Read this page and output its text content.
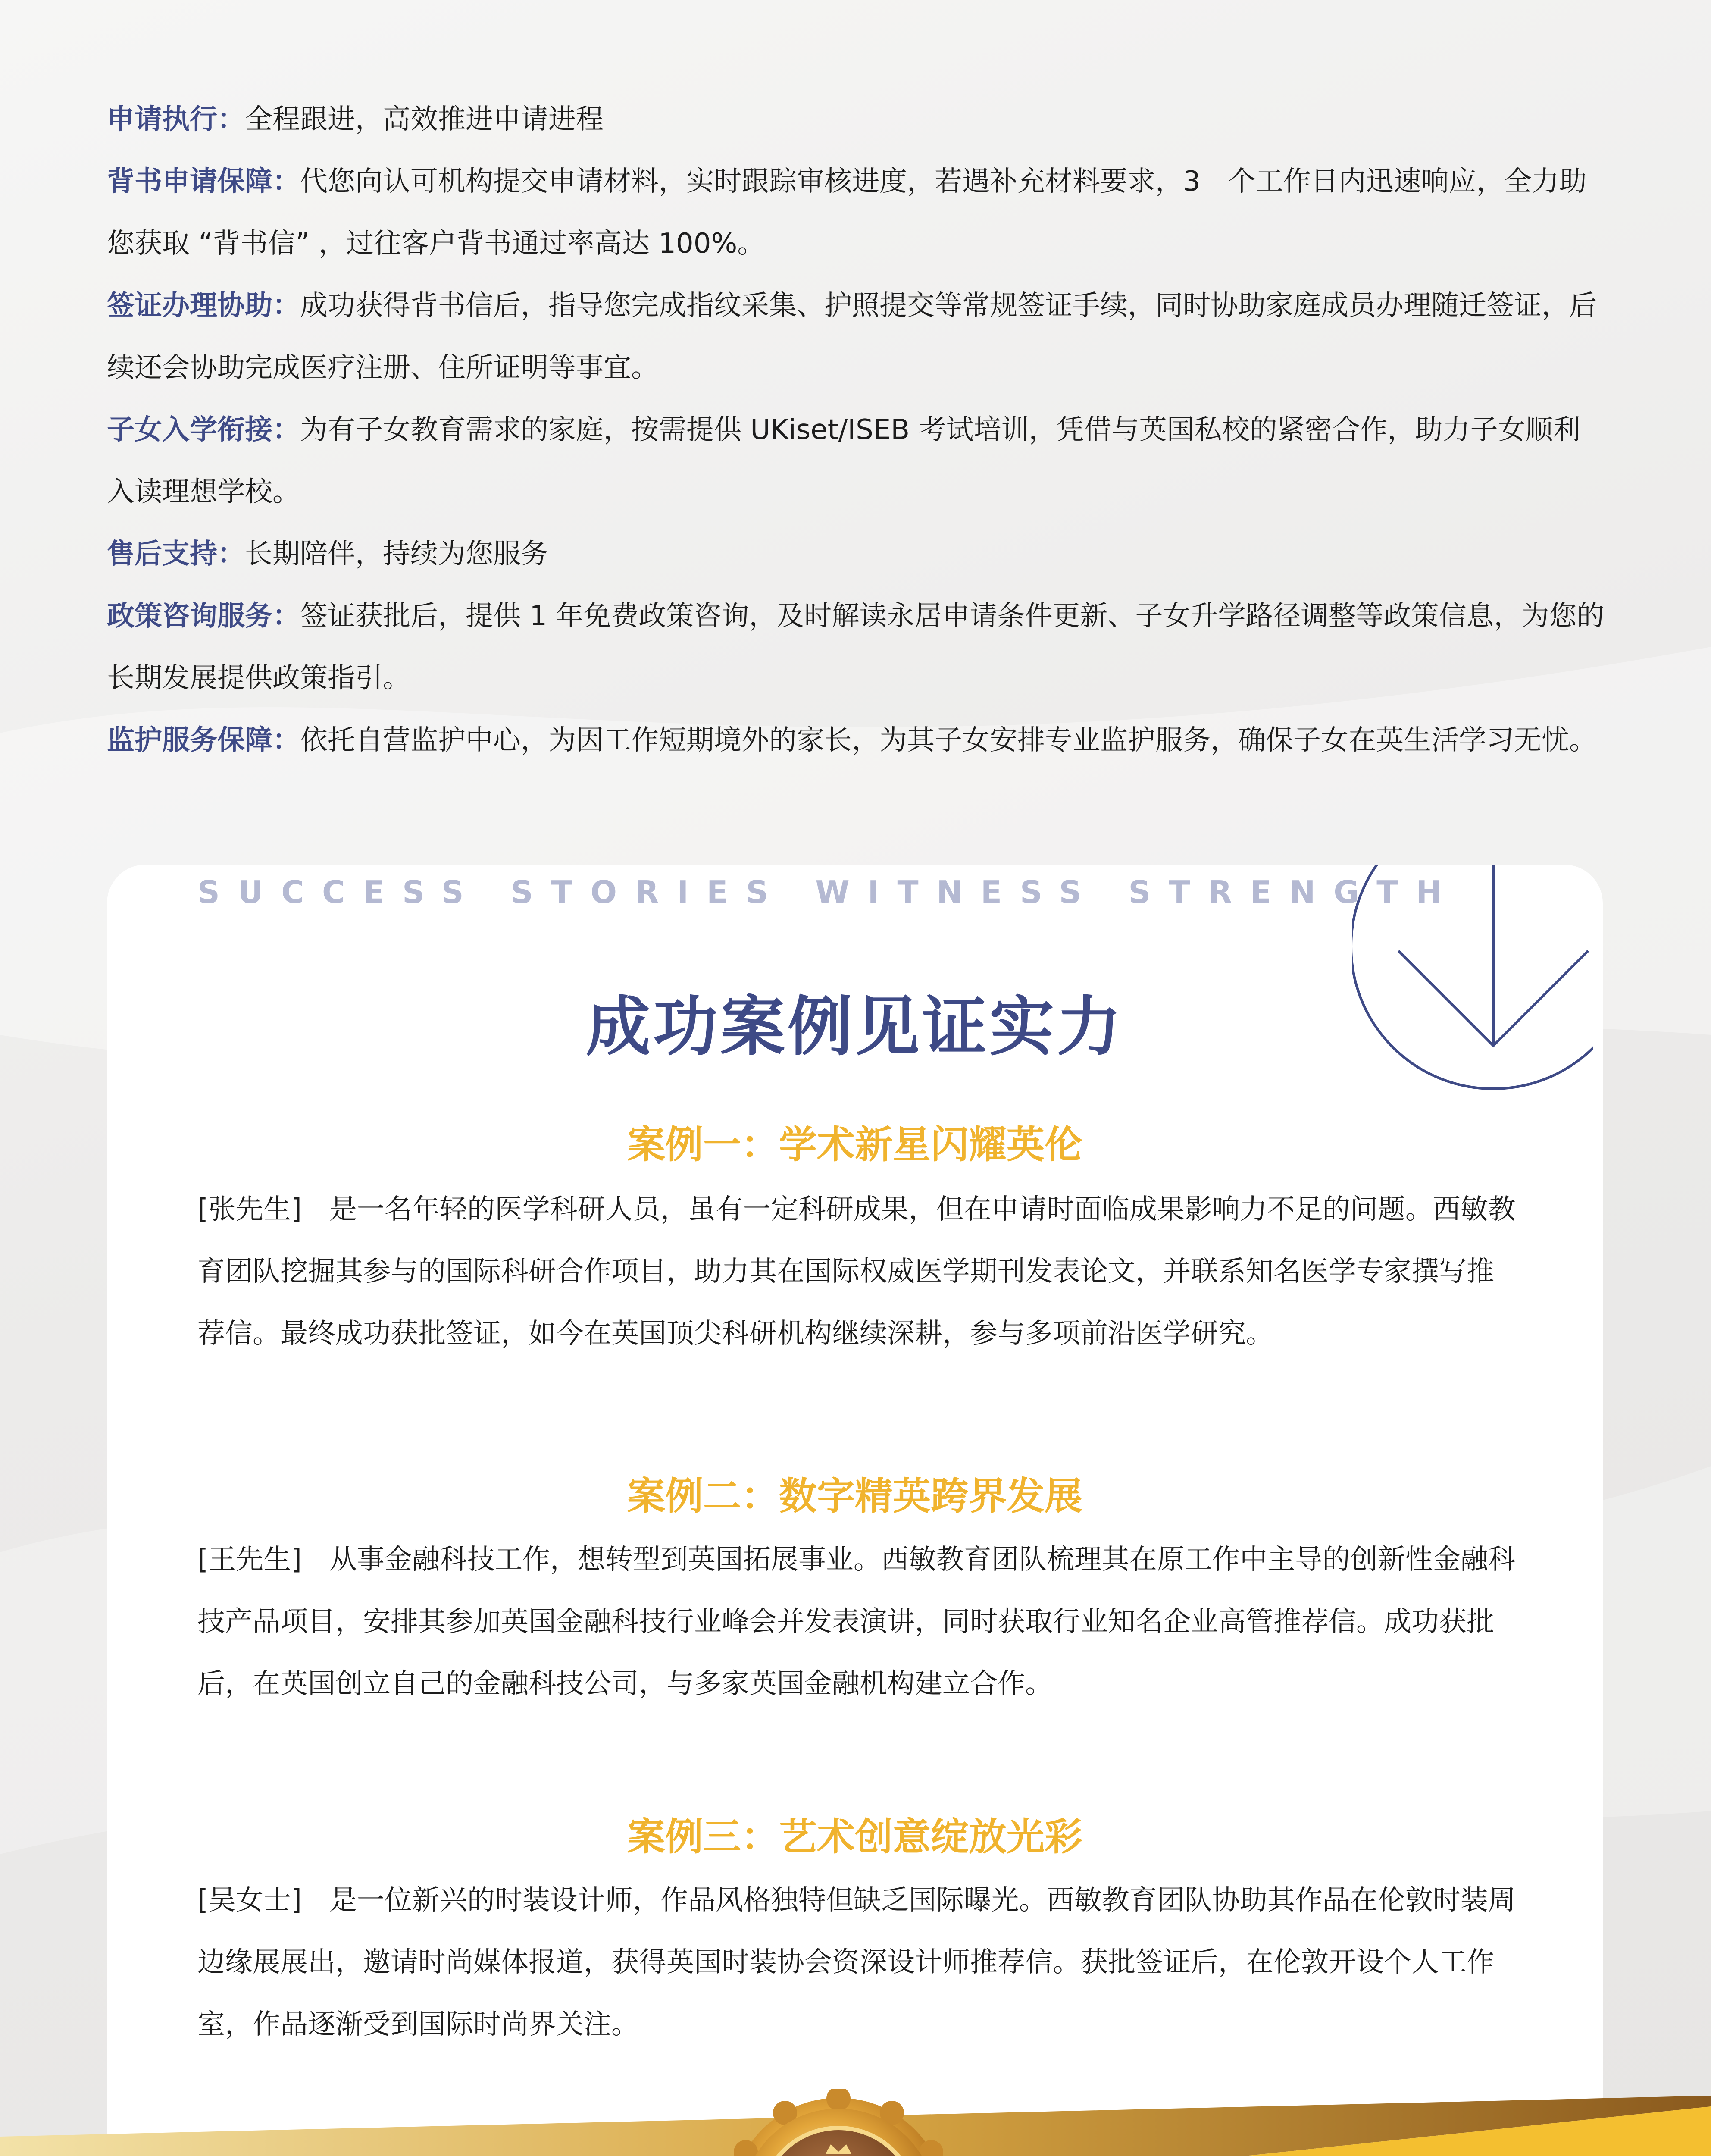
申请执行：全程跟进，高效推进申请进程

背书申请保障：代您向认可机构提交申请材料，实时跟踪审核进度，若遇补充材料要求，3　个工作日内迅速响应，全力助您获取 “背书信” ，过往客户背书通过率高达 100%。

签证办理协助：成功获得背书信后，指导您完成指纹采集、护照提交等常规签证手续，同时协助家庭成员办理随迁签证，后续还会协助完成医疗注册、住所证明等事宜。

子女入学衔接：为有子女教育需求的家庭，按需提供 UKiset/ISEB 考试培训，凭借与英国私校的紧密合作，助力子女顺利入读理想学校。

售后支持：长期陪伴，持续为您服务

政策咨询服务：签证获批后，提供 1 年免费政策咨询，及时解读永居申请条件更新、子女升学路径调整等政策信息，为您的长期发展提供政策指引。

监护服务保障：依托自营监护中心，为因工作短期境外的家长，为其子女安排专业监护服务，确保子女在英生活学习无忧。

SUCCESS STORIES WITNESS STRENGTH
成功案例见证实力
案例一：学术新星闪耀英伦

[张先生]　是一名年轻的医学科研人员，虽有一定科研成果，但在申请时面临成果影响力不足的问题。西敏教育团队挖掘其参与的国际科研合作项目，助力其在国际权威医学期刊发表论文，并联系知名医学专家撰写推荐信。最终成功获批签证，如今在英国顶尖科研机构继续深耕，参与多项前沿医学研究。

案例二：数字精英跨界发展

[王先生]　从事金融科技工作，想转型到英国拓展事业。西敏教育团队梳理其在原工作中主导的创新性金融科技产品项目，安排其参加英国金融科技行业峰会并发表演讲，同时获取行业知名企业高管推荐信。成功获批后，在英国创立自己的金融科技公司，与多家英国金融机构建立合作。

案例三：艺术创意绽放光彩

[吴女士]　是一位新兴的时装设计师，作品风格独特但缺乏国际曝光。西敏教育团队协助其作品在伦敦时装周边缘展展出，邀请时尚媒体报道，获得英国时装协会资深设计师推荐信。获批签证后，在伦敦开设个人工作室，作品逐渐受到国际时尚界关注。
